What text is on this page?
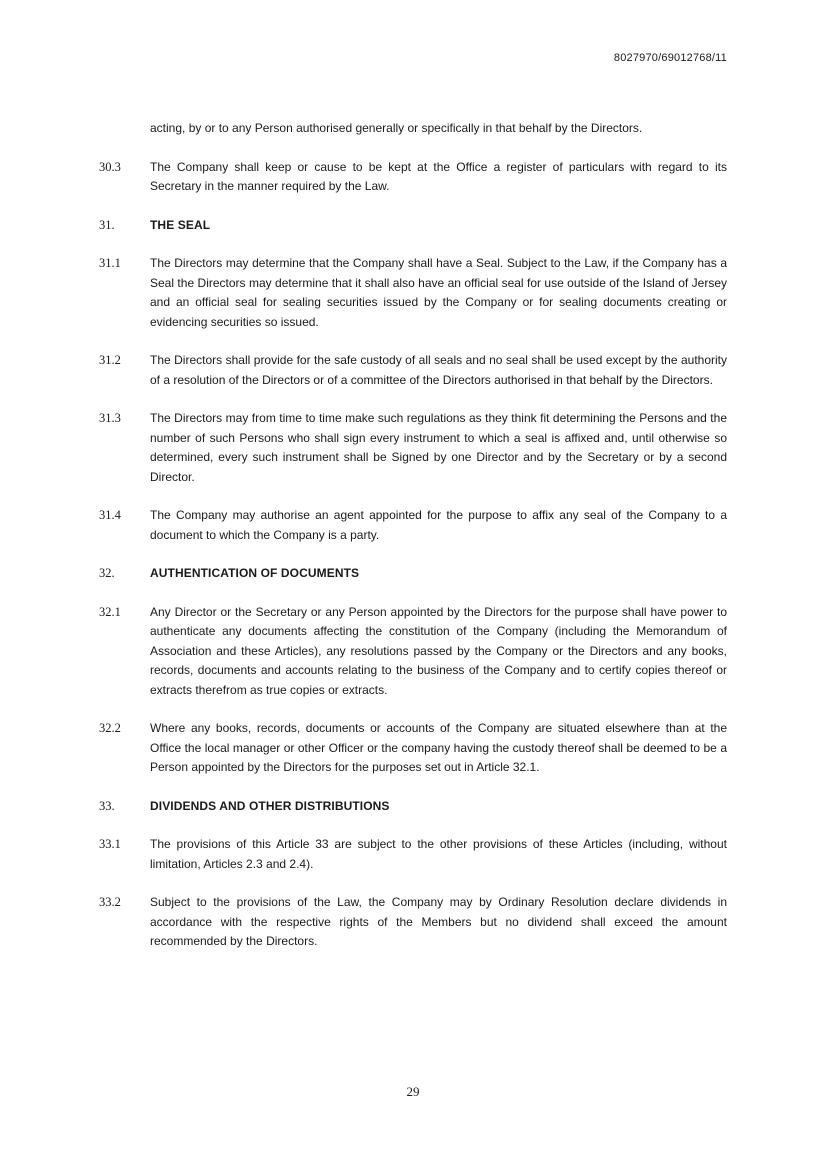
8027970/69012768/11
acting, by or to any Person authorised generally or specifically in that behalf by the Directors.
30.3	The Company shall keep or cause to be kept at the Office a register of particulars with regard to its Secretary in the manner required by the Law.
31.	THE SEAL
31.1	The Directors may determine that the Company shall have a Seal. Subject to the Law, if the Company has a Seal the Directors may determine that it shall also have an official seal for use outside of the Island of Jersey and an official seal for sealing securities issued by the Company or for sealing documents creating or evidencing securities so issued.
31.2	The Directors shall provide for the safe custody of all seals and no seal shall be used except by the authority of a resolution of the Directors or of a committee of the Directors authorised in that behalf by the Directors.
31.3	The Directors may from time to time make such regulations as they think fit determining the Persons and the number of such Persons who shall sign every instrument to which a seal is affixed and, until otherwise so determined, every such instrument shall be Signed by one Director and by the Secretary or by a second Director.
31.4	The Company may authorise an agent appointed for the purpose to affix any seal of the Company to a document to which the Company is a party.
32.	AUTHENTICATION OF DOCUMENTS
32.1	Any Director or the Secretary or any Person appointed by the Directors for the purpose shall have power to authenticate any documents affecting the constitution of the Company (including the Memorandum of Association and these Articles), any resolutions passed by the Company or the Directors and any books, records, documents and accounts relating to the business of the Company and to certify copies thereof or extracts therefrom as true copies or extracts.
32.2	Where any books, records, documents or accounts of the Company are situated elsewhere than at the Office the local manager or other Officer or the company having the custody thereof shall be deemed to be a Person appointed by the Directors for the purposes set out in Article 32.1.
33.	DIVIDENDS AND OTHER DISTRIBUTIONS
33.1	The provisions of this Article 33 are subject to the other provisions of these Articles (including, without limitation, Articles 2.3 and 2.4).
33.2	Subject to the provisions of the Law, the Company may by Ordinary Resolution declare dividends in accordance with the respective rights of the Members but no dividend shall exceed the amount recommended by the Directors.
29
